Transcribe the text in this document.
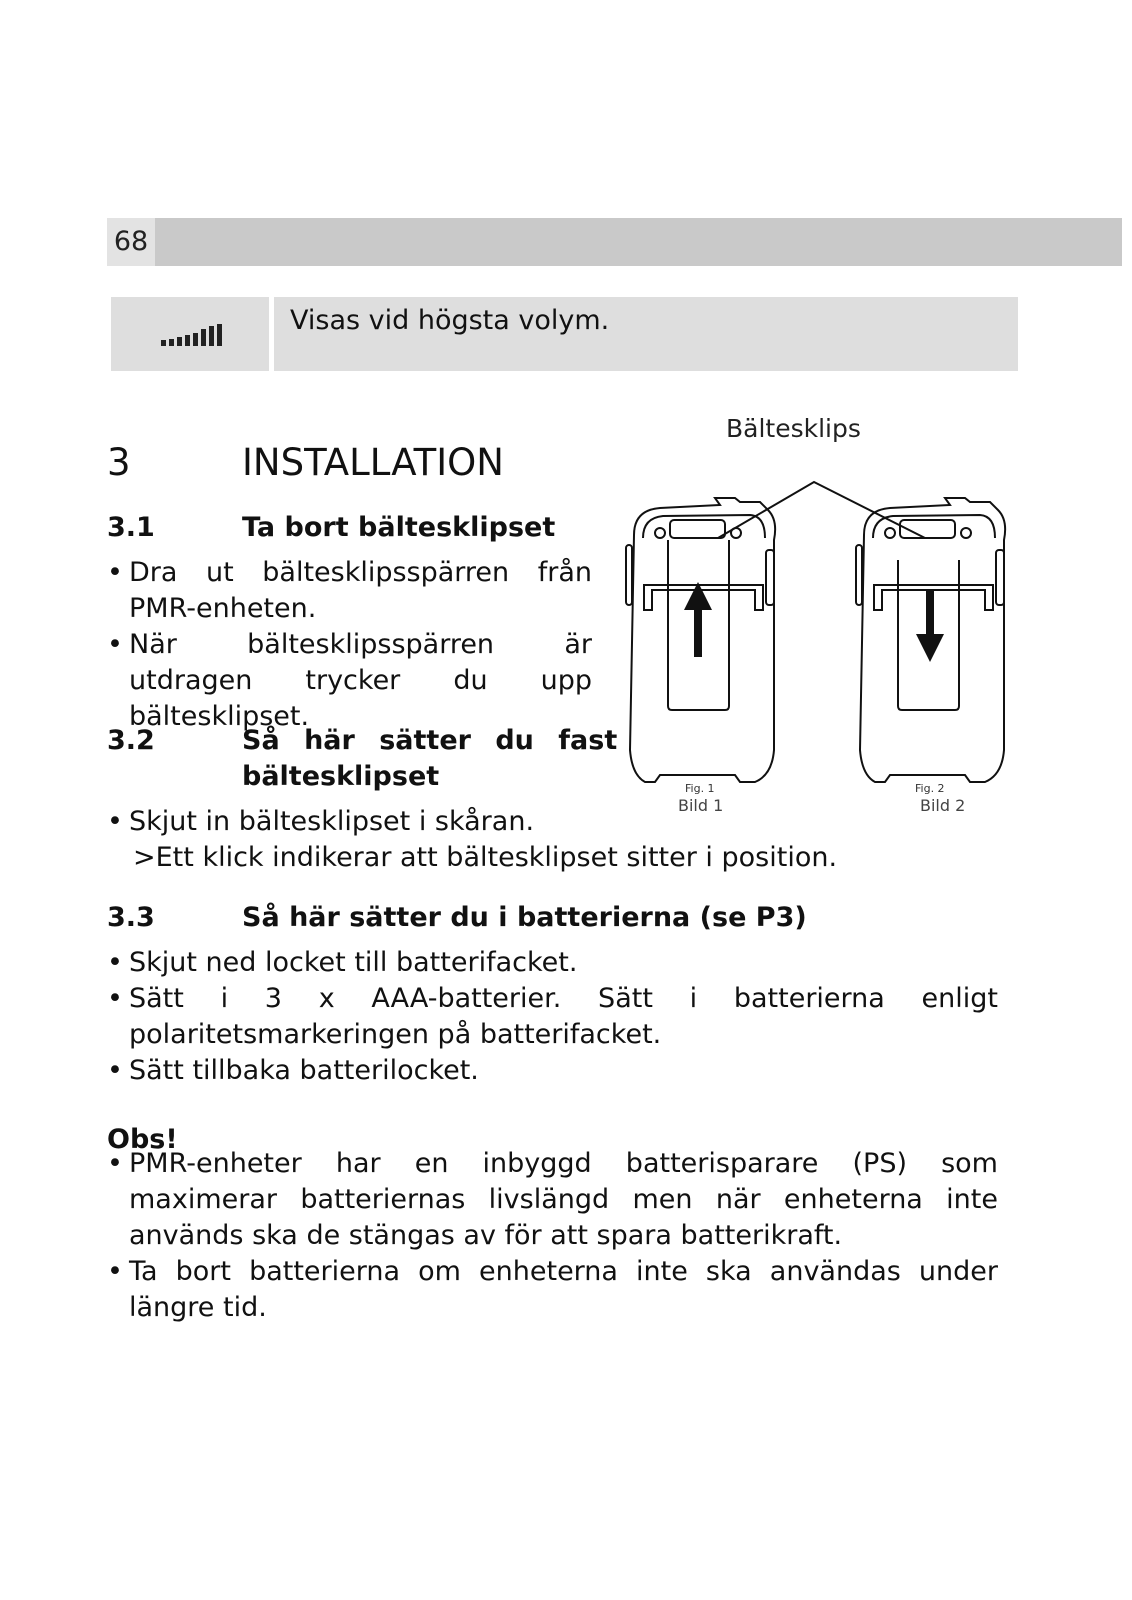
68
Visas vid högsta volym.
3	INSTALLATION
3.1	Ta bort bältesklipset
• Dra ut bältesklipsspärren från PMR-enheten.
• När bältesklipsspärren är utdragen trycker du upp bältesklipset.
3.2	Så här sätter du fast
bältesklipset
• Skjut in bältesklipset i skåran.
>Ett klick indikerar att bältesklipset sitter i position.
3.3	Så här sätter du i batterierna (se P3)
• Skjut ned locket till batterifacket.
• Sätt i 3 x AAA-batterier. Sätt i batterierna enligt polaritetsmarkeringen på batterifacket.
• Sätt tillbaka batterilocket.
Obs!
• PMR-enheter har en inbyggd batterisparare (PS) som maximerar batteriernas livslängd men när enheterna inte används ska de stängas av för att spara batterikraft.
• Ta bort batterierna om enheterna inte ska användas under längre tid.
Bältesklips
Fig. 1
Bild 1
Fig. 2
Bild 2
